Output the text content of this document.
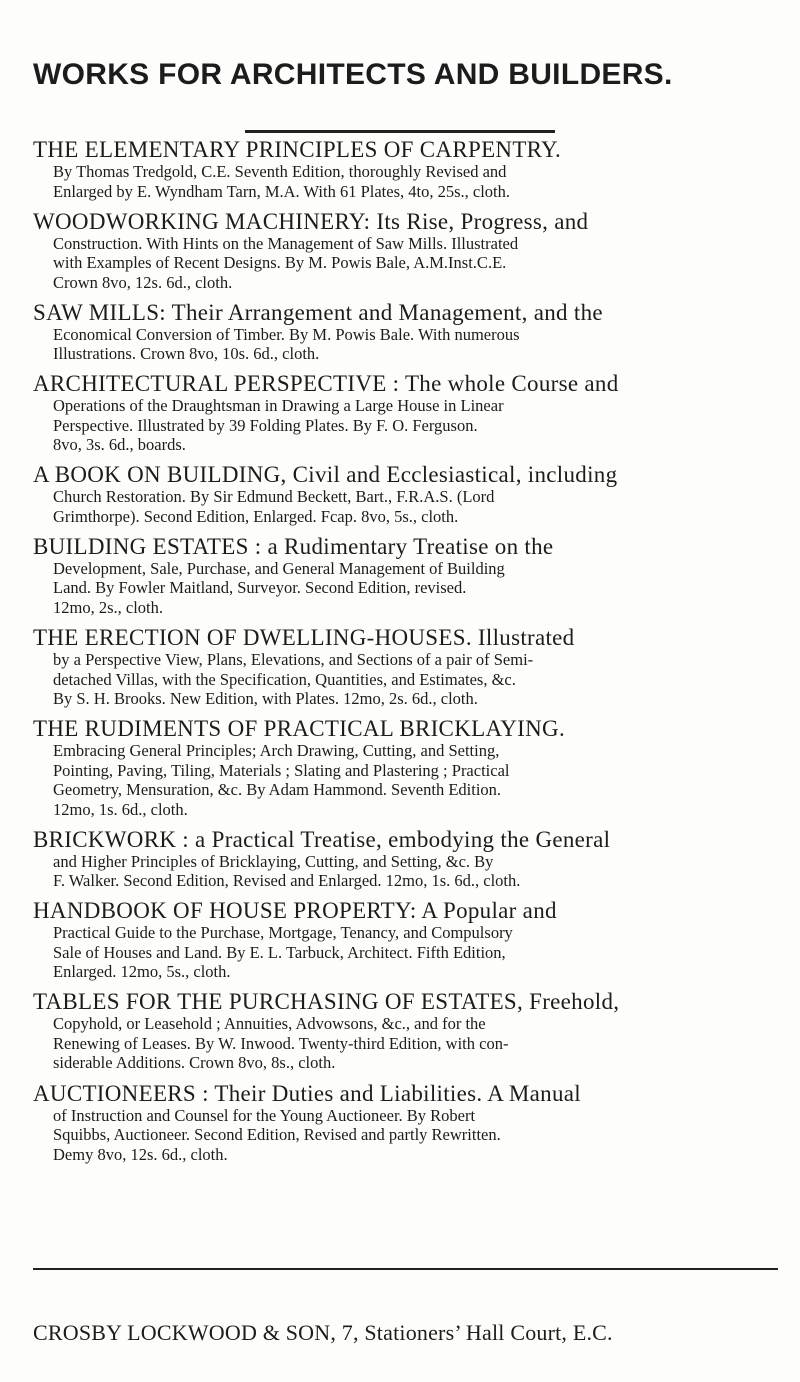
WORKS FOR ARCHITECTS AND BUILDERS.
THE ELEMENTARY PRINCIPLES OF CARPENTRY.
By Thomas Tredgold, C.E. Seventh Edition, thoroughly Revised and
Enlarged by E. Wyndham Tarn, M.A. With 61 Plates, 4to, 25s., cloth.
WOODWORKING MACHINERY: Its Rise, Progress, and
Construction. With Hints on the Management of Saw Mills. Illustrated
with Examples of Recent Designs. By M. Powis Bale, A.M.Inst.C.E.
Crown 8vo, 12s. 6d., cloth.
SAW MILLS: Their Arrangement and Management, and the
Economical Conversion of Timber. By M. Powis Bale. With numerous
Illustrations. Crown 8vo, 10s. 6d., cloth.
ARCHITECTURAL PERSPECTIVE : The whole Course and
Operations of the Draughtsman in Drawing a Large House in Linear
Perspective. Illustrated by 39 Folding Plates. By F. O. Ferguson.
8vo, 3s. 6d., boards.
A BOOK ON BUILDING, Civil and Ecclesiastical, including
Church Restoration. By Sir Edmund Beckett, Bart., F.R.A.S. (Lord
Grimthorpe). Second Edition, Enlarged. Fcap. 8vo, 5s., cloth.
BUILDING ESTATES : a Rudimentary Treatise on the
Development, Sale, Purchase, and General Management of Building
Land. By Fowler Maitland, Surveyor. Second Edition, revised.
12mo, 2s., cloth.
THE ERECTION OF DWELLING-HOUSES. Illustrated
by a Perspective View, Plans, Elevations, and Sections of a pair of Semi-
detached Villas, with the Specification, Quantities, and Estimates, &c.
By S. H. Brooks. New Edition, with Plates. 12mo, 2s. 6d., cloth.
THE RUDIMENTS OF PRACTICAL BRICKLAYING.
Embracing General Principles; Arch Drawing, Cutting, and Setting,
Pointing, Paving, Tiling, Materials ; Slating and Plastering ; Practical
Geometry, Mensuration, &c. By Adam Hammond. Seventh Edition.
12mo, 1s. 6d., cloth.
BRICKWORK : a Practical Treatise, embodying the General
and Higher Principles of Bricklaying, Cutting, and Setting, &c. By
F. Walker. Second Edition, Revised and Enlarged. 12mo, 1s. 6d., cloth.
HANDBOOK OF HOUSE PROPERTY: A Popular and
Practical Guide to the Purchase, Mortgage, Tenancy, and Compulsory
Sale of Houses and Land. By E. L. Tarbuck, Architect. Fifth Edition,
Enlarged. 12mo, 5s., cloth.
TABLES FOR THE PURCHASING OF ESTATES, Freehold,
Copyhold, or Leasehold ; Annuities, Advowsons, &c., and for the
Renewing of Leases. By W. Inwood. Twenty-third Edition, with con-
siderable Additions. Crown 8vo, 8s., cloth.
AUCTIONEERS : Their Duties and Liabilities. A Manual
of Instruction and Counsel for the Young Auctioneer. By Robert
Squibbs, Auctioneer. Second Edition, Revised and partly Rewritten.
Demy 8vo, 12s. 6d., cloth.
CROSBY LOCKWOOD & SON, 7, Stationers’ Hall Court, E.C.
